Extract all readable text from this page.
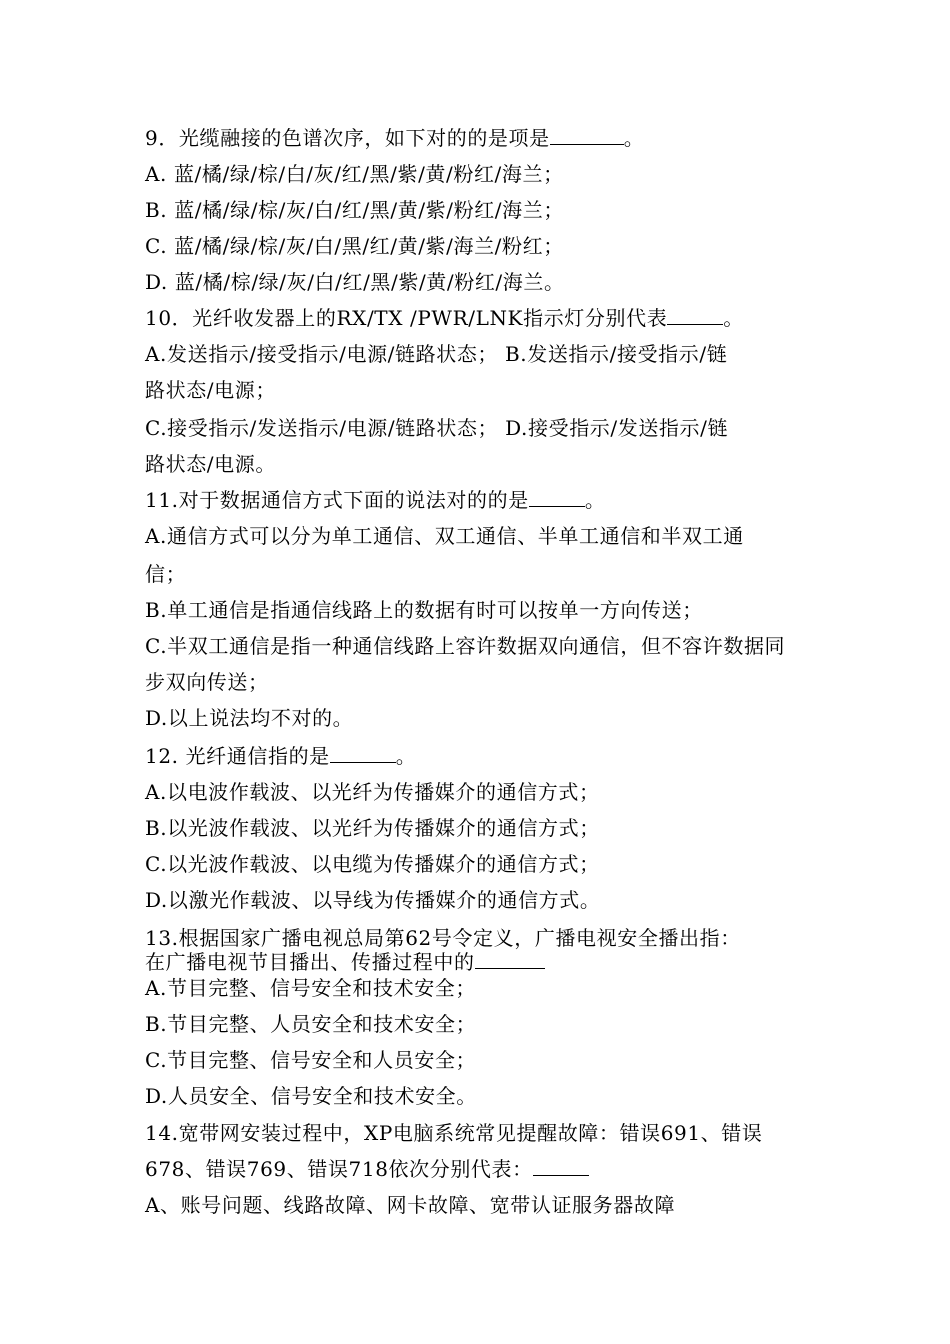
9．光缆融接的色谱次序，如下对的的是项是	。
A. 蓝/橘/绿/棕/白/灰/红/黑/紫/黄/粉红/海兰；
B. 蓝/橘/绿/棕/灰/白/红/黑/黄/紫/粉红/海兰；
C. 蓝/橘/绿/棕/灰/白/黑/红/黄/紫/海兰/粉红；
D. 蓝/橘/棕/绿/灰/白/红/黑/紫/黄/粉红/海兰。
10．光纤收发器上的RX/TX /PWR/LNK指示灯分别代表	。
A.发送指示/接受指示/电源/链路状态； B.发送指示/接受指示/链
路状态/电源；
C.接受指示/发送指示/电源/链路状态； D.接受指示/发送指示/链
路状态/电源。
11.对于数据通信方式下面的说法对的的是	。
A.通信方式可以分为单工通信、双工通信、半单工通信和半双工通
信；
B.单工通信是指通信线路上的数据有时可以按单一方向传送；
C.半双工通信是指一种通信线路上容许数据双向通信，但不容许数据同
步双向传送；
D.以上说法均不对的。
12. 光纤通信指的是	。
A.以电波作载波、以光纤为传播媒介的通信方式；
B.以光波作载波、以光纤为传播媒介的通信方式；
C.以光波作载波、以电缆为传播媒介的通信方式；
D.以激光作载波、以导线为传播媒介的通信方式。
13.根据国家广播电视总局第62号令定义，广播电视安全播出指：
在广播电视节目播出、传播过程中的
A.节目完整、信号安全和技术安全；
B.节目完整、人员安全和技术安全；
C.节目完整、信号安全和人员安全；
D.人员安全、信号安全和技术安全。
14.宽带网安装过程中，XP电脑系统常见提醒故障：错误691、错误
678、错误769、错误718依次分别代表：
A、账号问题、线路故障、网卡故障、宽带认证服务器故障
